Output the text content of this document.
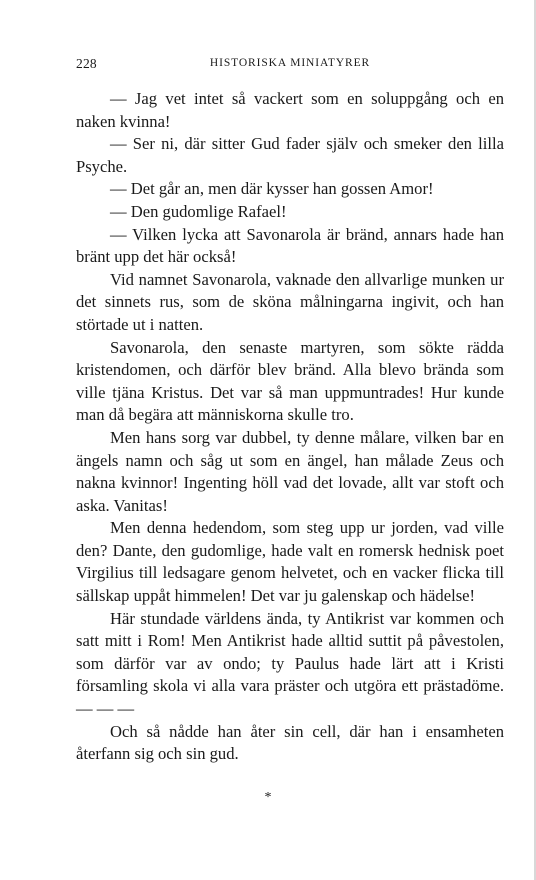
228	HISTORISKA MINIATYRER

— Jag vet intet så vackert som en soluppgång och en naken kvinna!

— Ser ni, där sitter Gud fader själv och smeker den lilla Psyche.

— Det går an, men där kysser han gossen Amor!

— Den gudomlige Rafael!

— Vilken lycka att Savonarola är bränd, annars hade han bränt upp det här också!

Vid namnet Savonarola, vaknade den allvarlige munken ur det sinnets rus, som de sköna målningarna ingivit, och han störtade ut i natten.

Savonarola, den senaste martyren, som sökte rädda kristendomen, och därför blev bränd. Alla blevo brända som ville tjäna Kristus. Det var så man uppmuntrades! Hur kunde man då begära att människorna skulle tro.

Men hans sorg var dubbel, ty denne målare, vilken bar en ängels namn och såg ut som en ängel, han målade Zeus och nakna kvinnor! Ingenting höll vad det lovade, allt var stoft och aska. Vanitas!

Men denna hedendom, som steg upp ur jorden, vad ville den? Dante, den gudomlige, hade valt en romersk hednisk poet Virgilius till ledsagare genom helvetet, och en vacker flicka till sällskap uppåt himmelen! Det var ju galenskap och hädelse!

Här stundade världens ända, ty Antikrist var kommen och satt mitt i Rom! Men Antikrist hade alltid suttit på påvestolen, som därför var av ondo; ty Paulus hade lärt att i Kristi församling skola vi alla vara präster och utgöra ett prästadöme. — — —

Och så nådde han åter sin cell, där han i ensamheten återfann sig och sin gud.

*
